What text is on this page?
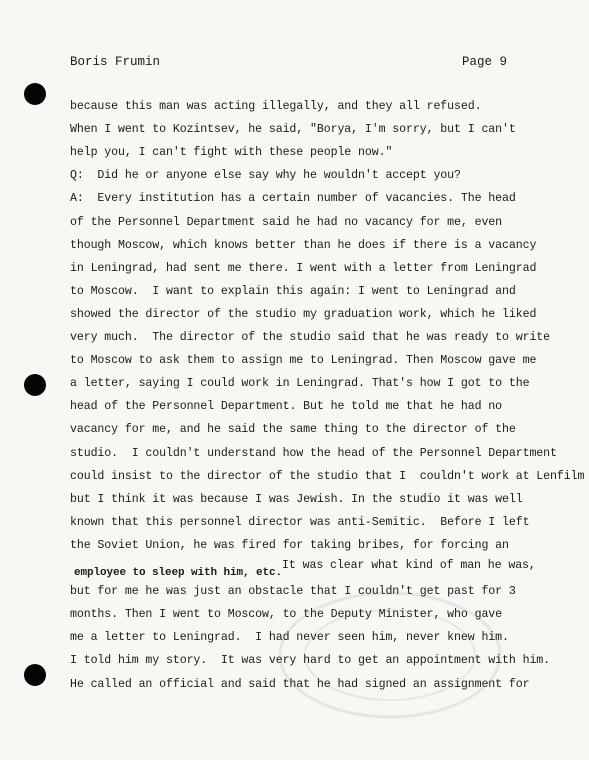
Boris Frumin	Page 9
because this man was acting illegally, and they all refused.
When I went to Kozintsev, he said, "Borya, I'm sorry, but I can't
help you, I can't fight with these people now."
Q:  Did he or anyone else say why he wouldn't accept you?
A:  Every institution has a certain number of vacancies. The head
of the Personnel Department said he had no vacancy for me, even
though Moscow, which knows better than he does if there is a vacancy
in Leningrad, had sent me there. I went with a letter from Leningrad
to Moscow.  I want to explain this again: I went to Leningrad and
showed the director of the studio my graduation work, which he liked
very much.  The director of the studio said that he was ready to write
to Moscow to ask them to assign me to Leningrad. Then Moscow gave me
a letter, saying I could work in Leningrad. That's how I got to the
head of the Personnel Department. But he told me that he had no
vacancy for me, and he said the same thing to the director of the
studio.  I couldn't understand how the head of the Personnel Department
could insist to the director of the studio that I  couldn't work at Lenfilm
but I think it was because I was Jewish. In the studio it was well
known that this personnel director was anti-Semitic.  Before I left
the Soviet Union, he was fired for taking bribes, for forcing an
employee to sleep with him, etc.It was clear what kind of man he was,
but for me he was just an obstacle that I couldn't get past for 3
months. Then I went to Moscow, to the Deputy Minister, who gave
me a letter to Leningrad.  I had never seen him, never knew him.
I told him my story.  It was very hard to get an appointment with him.
He called an official and said that he had signed an assignment for
